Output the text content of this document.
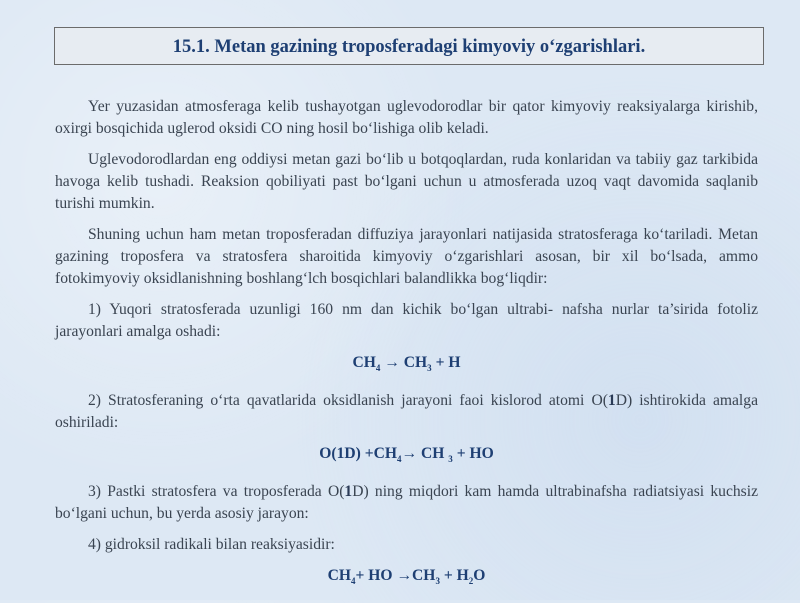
15.1. Metan gazining troposferadagi kimyoviy o‘zgarishlari.

Yer yuzasidan atmosferaga kelib tushayotgan uglevodorodlar bir qator kimyoviy reaksiyalarga kirishib, oxirgi bosqichida uglerod oksidi CO ning hosil bo‘lishiga olib keladi.

Uglevodorodlardan eng oddiysi metan gazi bo‘lib u botqoqlardan, ruda konlaridan va tabiiy gaz tarkibida havoga kelib tushadi. Reaksion qobiliyati past bo‘lgani uchun u atmosferada uzoq vaqt davomida saqlanib turishi mumkin.

Shuning uchun ham metan troposferadan diffuziya jarayonlari natijasida stratosferaga ko‘tariladi. Metan gazining troposfera va stratosfera sharoitida kimyoviy o‘zgarishlari asosan, bir xil bo‘lsada, ammo fotokimyoviy oksidlanishning boshlang‘lch bosqichlari balandlikka bog‘liqdir:

1) Yuqori stratosferada uzunligi 160 nm dan kichik bo‘lgan ultrabi- nafsha nurlar ta’sirida fotoliz jarayonlari amalga oshadi:

$CH_4 \to CH_3 + H$

2) Stratosferaning o‘rta qavatlarida oksidlanish jarayoni faoi kislorod atomi O(1D) ishtirokida amalga oshiriladi:

$O(1D) +CH_4\to$ CH $_3$ + HO

3) Pastki stratosfera va troposferada O(1D) ning miqdori kam hamda ultrabinafsha radiatsiyasi kuchsiz bo‘lgani uchun, bu yerda asosiy jarayon:

4) gidroksil radikali bilan reaksiyasidir:

$CH_4+$ HO $\to CH_3 + H_2O$
